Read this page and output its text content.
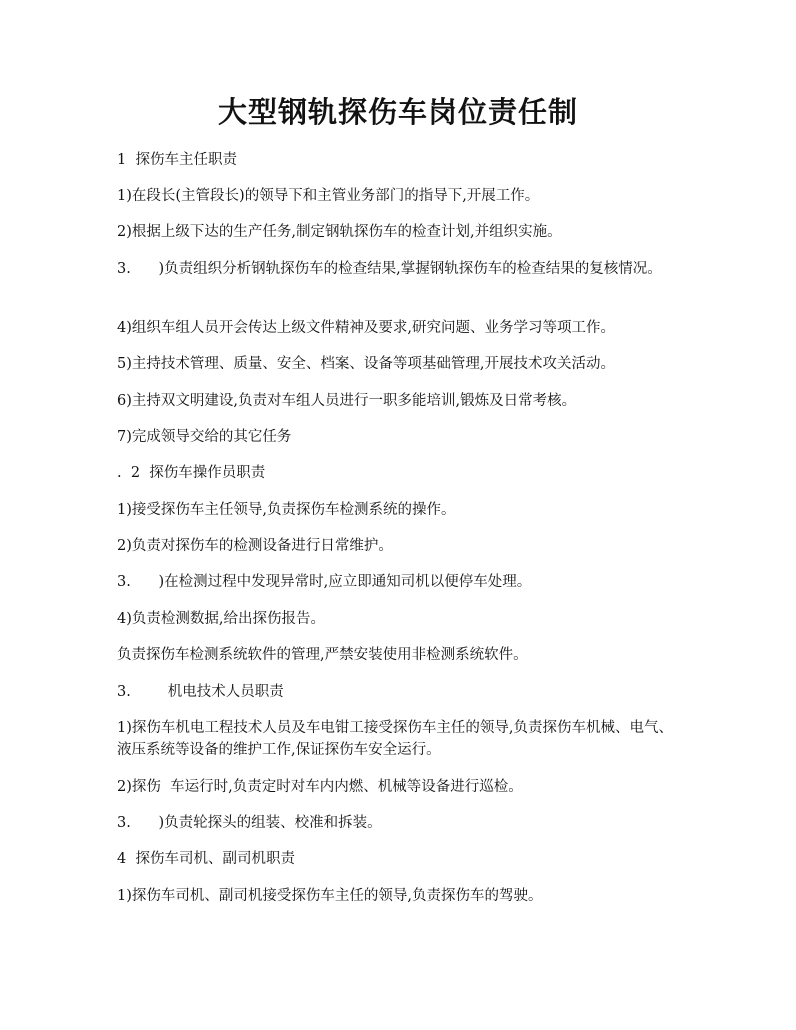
大型钢轨探伤车岗位责任制
1  探伤车主任职责
1)在段长(主管段长)的领导下和主管业务部门的指导下,开展工作。
2)根据上级下达的生产任务,制定钢轨探伤车的检查计划,并组织实施。
3.      )负责组织分析钢轨探伤车的检查结果,掌握钢轨探伤车的检查结果的复核情况。
4)组织车组人员开会传达上级文件精神及要求,研究问题、业务学习等项工作。
5)主持技术管理、质量、安全、档案、设备等项基础管理,开展技术攻关活动。
6)主持双文明建设,负责对车组人员进行一职多能培训,锻炼及日常考核。
7)完成领导交给的其它任务
.  2  探伤车操作员职责
1)接受探伤车主任领导,负责探伤车检测系统的操作。
2)负责对探伤车的检测设备进行日常维护。
3.      )在检测过程中发现异常时,应立即通知司机以便停车处理。
4)负责检测数据,给出探伤报告。
负责探伤车检测系统软件的管理,严禁安装使用非检测系统软件。
3.        机电技术人员职责
1)探伤车机电工程技术人员及车电钳工接受探伤车主任的领导,负责探伤车机械、电气、液压系统等设备的维护工作,保证探伤车安全运行。
2)探伤  车运行时,负责定时对车内内燃、机械等设备进行巡检。
3.      )负责轮探头的组装、校准和拆装。
4  探伤车司机、副司机职责
1)探伤车司机、副司机接受探伤车主任的领导,负责探伤车的驾驶。
